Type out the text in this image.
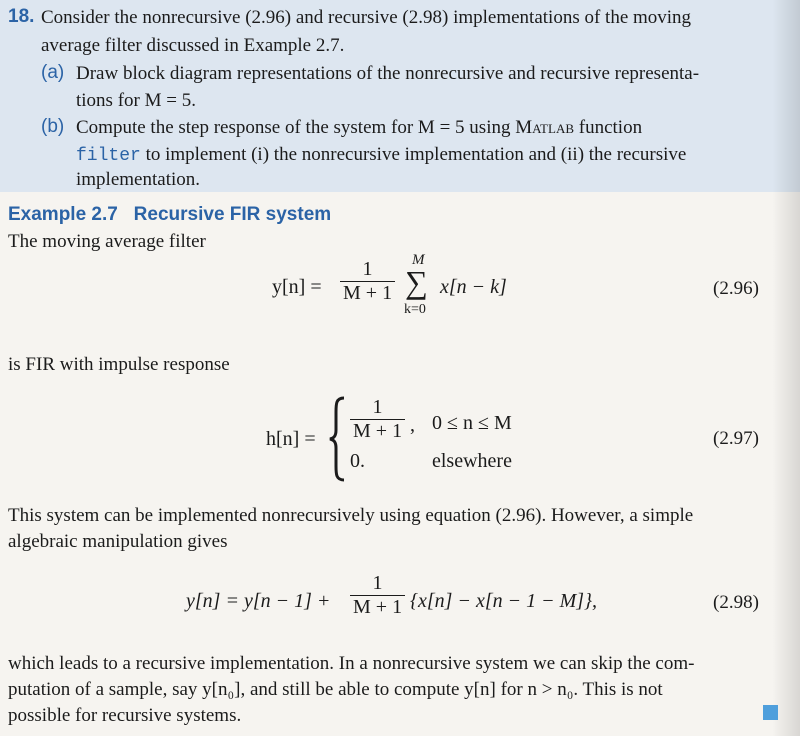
18. Consider the nonrecursive (2.96) and recursive (2.98) implementations of the moving
average filter discussed in Example 2.7.
(a) Draw block diagram representations of the nonrecursive and recursive representa-
tions for M = 5.
(b) Compute the step response of the system for M = 5 using Matlab function
filter to implement (i) the nonrecursive implementation and (ii) the recursive
implementation.
Example 2.7   Recursive FIR system
The moving average filter
$y[n] = \frac{1}{M + 1}$ M
∑
k=0
x[n − k]	(2.96)
is FIR with impulse response
$h[n] = \frac{1}{M + 1}$ , 0 ≤ n ≤ M
0.	elsewhere
(2.97)
This system can be implemented nonrecursively using equation (2.96). However, a simple
algebraic manipulation gives
$y[n] = y[n - 1] + \frac{1}{M + 1} \{x[n] - x[n - 1 - M]\}$,	(2.98)
which leads to a recursive implementation. In a nonrecursive system we can skip the com-
putation of a sample, say y[n₀], and still be able to compute y[n] for n > n₀. This is not
possible for recursive systems.
